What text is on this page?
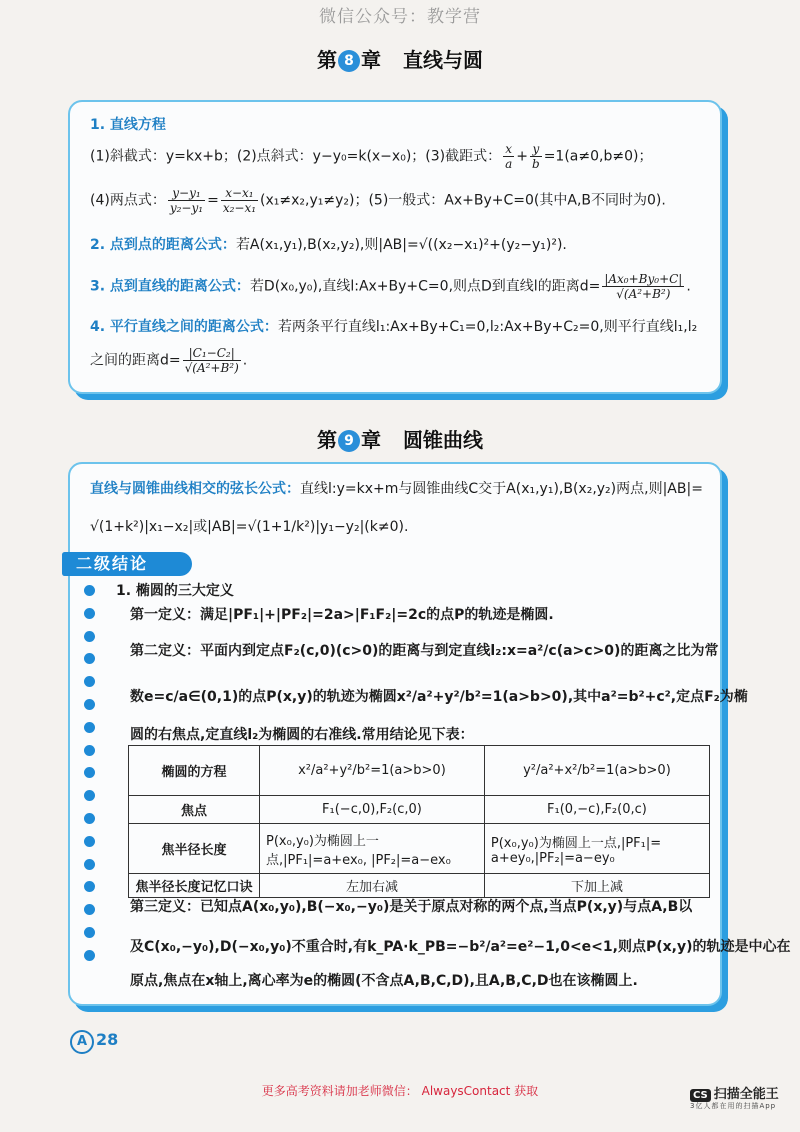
微信公众号：教学营
第 8 章 直线与圆
1. 直线方程
(1)斜截式：y=kx+b；(2)点斜式：y−y₀=k(x−x₀)；(3)截距式： $\frac{x}{a} + \frac{y}{b} =1(a\ne 0,b\ne 0)$；
(4)两点式： $\frac{\text{y−y₁}}{\text{y₂−y₁}} = \frac{\text{x−x₁}}{\text{x₂−x₁}} (x_1\ne x_2,y_1\ne y_2)$；(5)一般式：Ax+By+C=0(其中A,B不同时为0).
2. 点到点的距离公式：若A(x₁,y₁),B(x₂,y₂),则|AB|=√((x₂−x₁)²+(y₂−y₁)²).
3. 点到直线的距离公式：若D(x₀,y₀),直线l:Ax+By+C=0,则点D到直线l的距离$d= \frac{\text{|Ax₀+By₀+C|}}{\text{√(A²+B²)}}$ .
4. 平行直线之间的距离公式：若两条平行直线l₁:Ax+By+C₁=0,l₂:Ax+By+C₂=0,则平行直线l₁,l₂
之间的距离$d= \frac{\text{|C₁−C₂|}}{\text{√(A²+B²)}}$ .
第 9 章 圆锥曲线
直线与圆锥曲线相交的弦长公式：直线l:y=kx+m与圆锥曲线C交于A(x₁,y₁),B(x₂,y₂)两点,则|AB|=
√(1+k²)|x₁−x₂|或|AB|=√(1+1/k²)|y₁−y₂|(k≠0).
1. 椭圆的三大定义
第一定义：满足|PF₁|+|PF₂|=2a>|F₁F₂|=2c的点P的轨迹是椭圆.
第二定义：平面内到定点F₂(c,0)(c>0)的距离与到定直线l₂:x=a²/c(a>c>0)的距离之比为常
数e=c/a∈(0,1)的点P(x,y)的轨迹为椭圆x²/a²+y²/b²=1(a>b>0),其中a²=b²+c²,定点F₂为椭
圆的右焦点,定直线l₂为椭圆的右准线.常用结论见下表：
第三定义：已知点A(x₀,y₀),B(−x₀,−y₀)是关于原点对称的两个点,当点P(x,y)与点A,B以
及C(x₀,−y₀),D(−x₀,y₀)不重合时,有k_PA·k_PB=−b²/a²=e²−1,0<e<1,则点P(x,y)的轨迹是中心在
原点,焦点在x轴上,离心率为e的椭圆(不含点A,B,C,D),且A,B,C,D也在该椭圆上.
二级结论
椭圆的方程	x²/a²+y²/b²=1(a>b>0)	y²/a²+x²/b²=1(a>b>0)
焦点	F₁(−c,0),F₂(c,0)	F₁(0,−c),F₂(0,c)
焦半径长度	P(x₀,y₀)为椭圆上一点,|PF₁|=a+ex₀, |PF₂|=a−ex₀	P(x₀,y₀)为椭圆上一点,|PF₁|= a+ey₀,|PF₂|=a−ey₀
焦半径长度记忆口诀	左加右减	下加上减
A 28
更多高考资料请加老师微信： AlwaysContact 获取	CS 扫描全能王
3亿人都在用的扫描App
